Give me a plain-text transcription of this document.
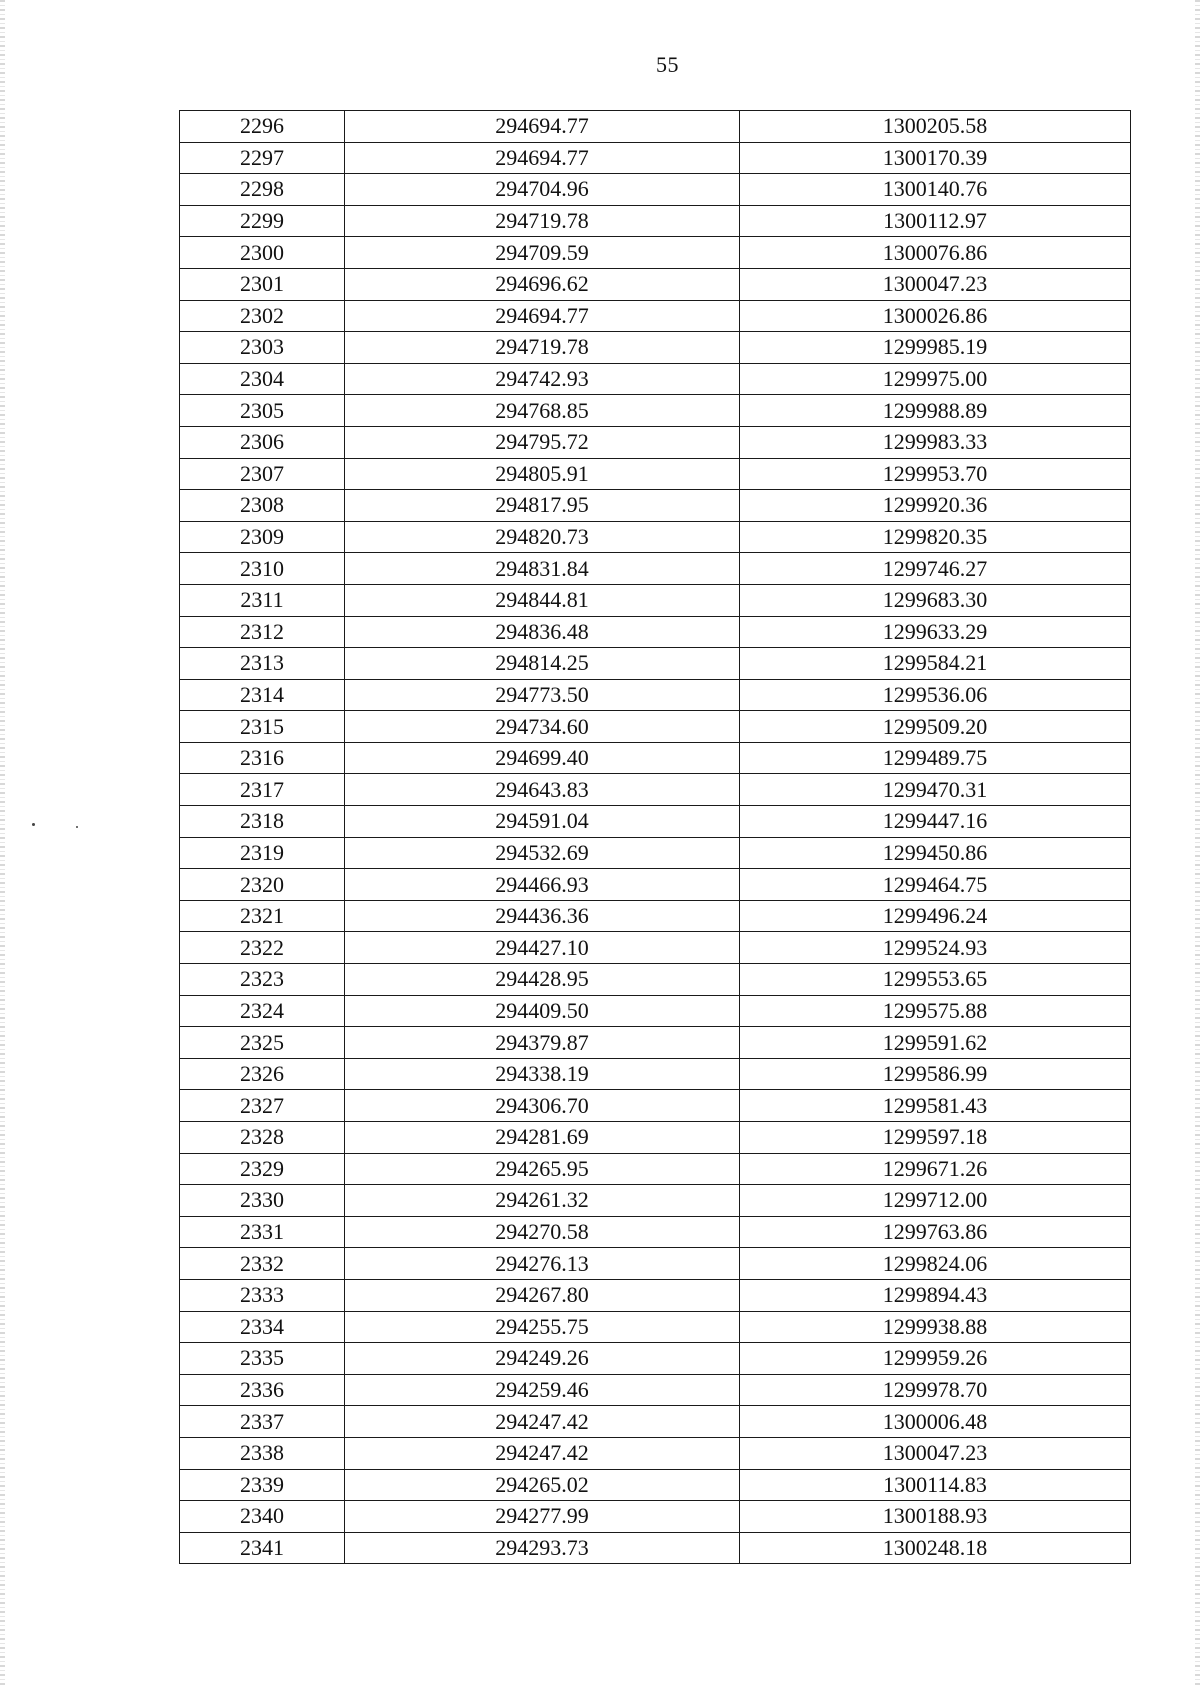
55
2296	294694.77	1300205.58
2297	294694.77	1300170.39
2298	294704.96	1300140.76
2299	294719.78	1300112.97
2300	294709.59	1300076.86
2301	294696.62	1300047.23
2302	294694.77	1300026.86
2303	294719.78	1299985.19
2304	294742.93	1299975.00
2305	294768.85	1299988.89
2306	294795.72	1299983.33
2307	294805.91	1299953.70
2308	294817.95	1299920.36
2309	294820.73	1299820.35
2310	294831.84	1299746.27
2311	294844.81	1299683.30
2312	294836.48	1299633.29
2313	294814.25	1299584.21
2314	294773.50	1299536.06
2315	294734.60	1299509.20
2316	294699.40	1299489.75
2317	294643.83	1299470.31
2318	294591.04	1299447.16
2319	294532.69	1299450.86
2320	294466.93	1299464.75
2321	294436.36	1299496.24
2322	294427.10	1299524.93
2323	294428.95	1299553.65
2324	294409.50	1299575.88
2325	294379.87	1299591.62
2326	294338.19	1299586.99
2327	294306.70	1299581.43
2328	294281.69	1299597.18
2329	294265.95	1299671.26
2330	294261.32	1299712.00
2331	294270.58	1299763.86
2332	294276.13	1299824.06
2333	294267.80	1299894.43
2334	294255.75	1299938.88
2335	294249.26	1299959.26
2336	294259.46	1299978.70
2337	294247.42	1300006.48
2338	294247.42	1300047.23
2339	294265.02	1300114.83
2340	294277.99	1300188.93
2341	294293.73	1300248.18
